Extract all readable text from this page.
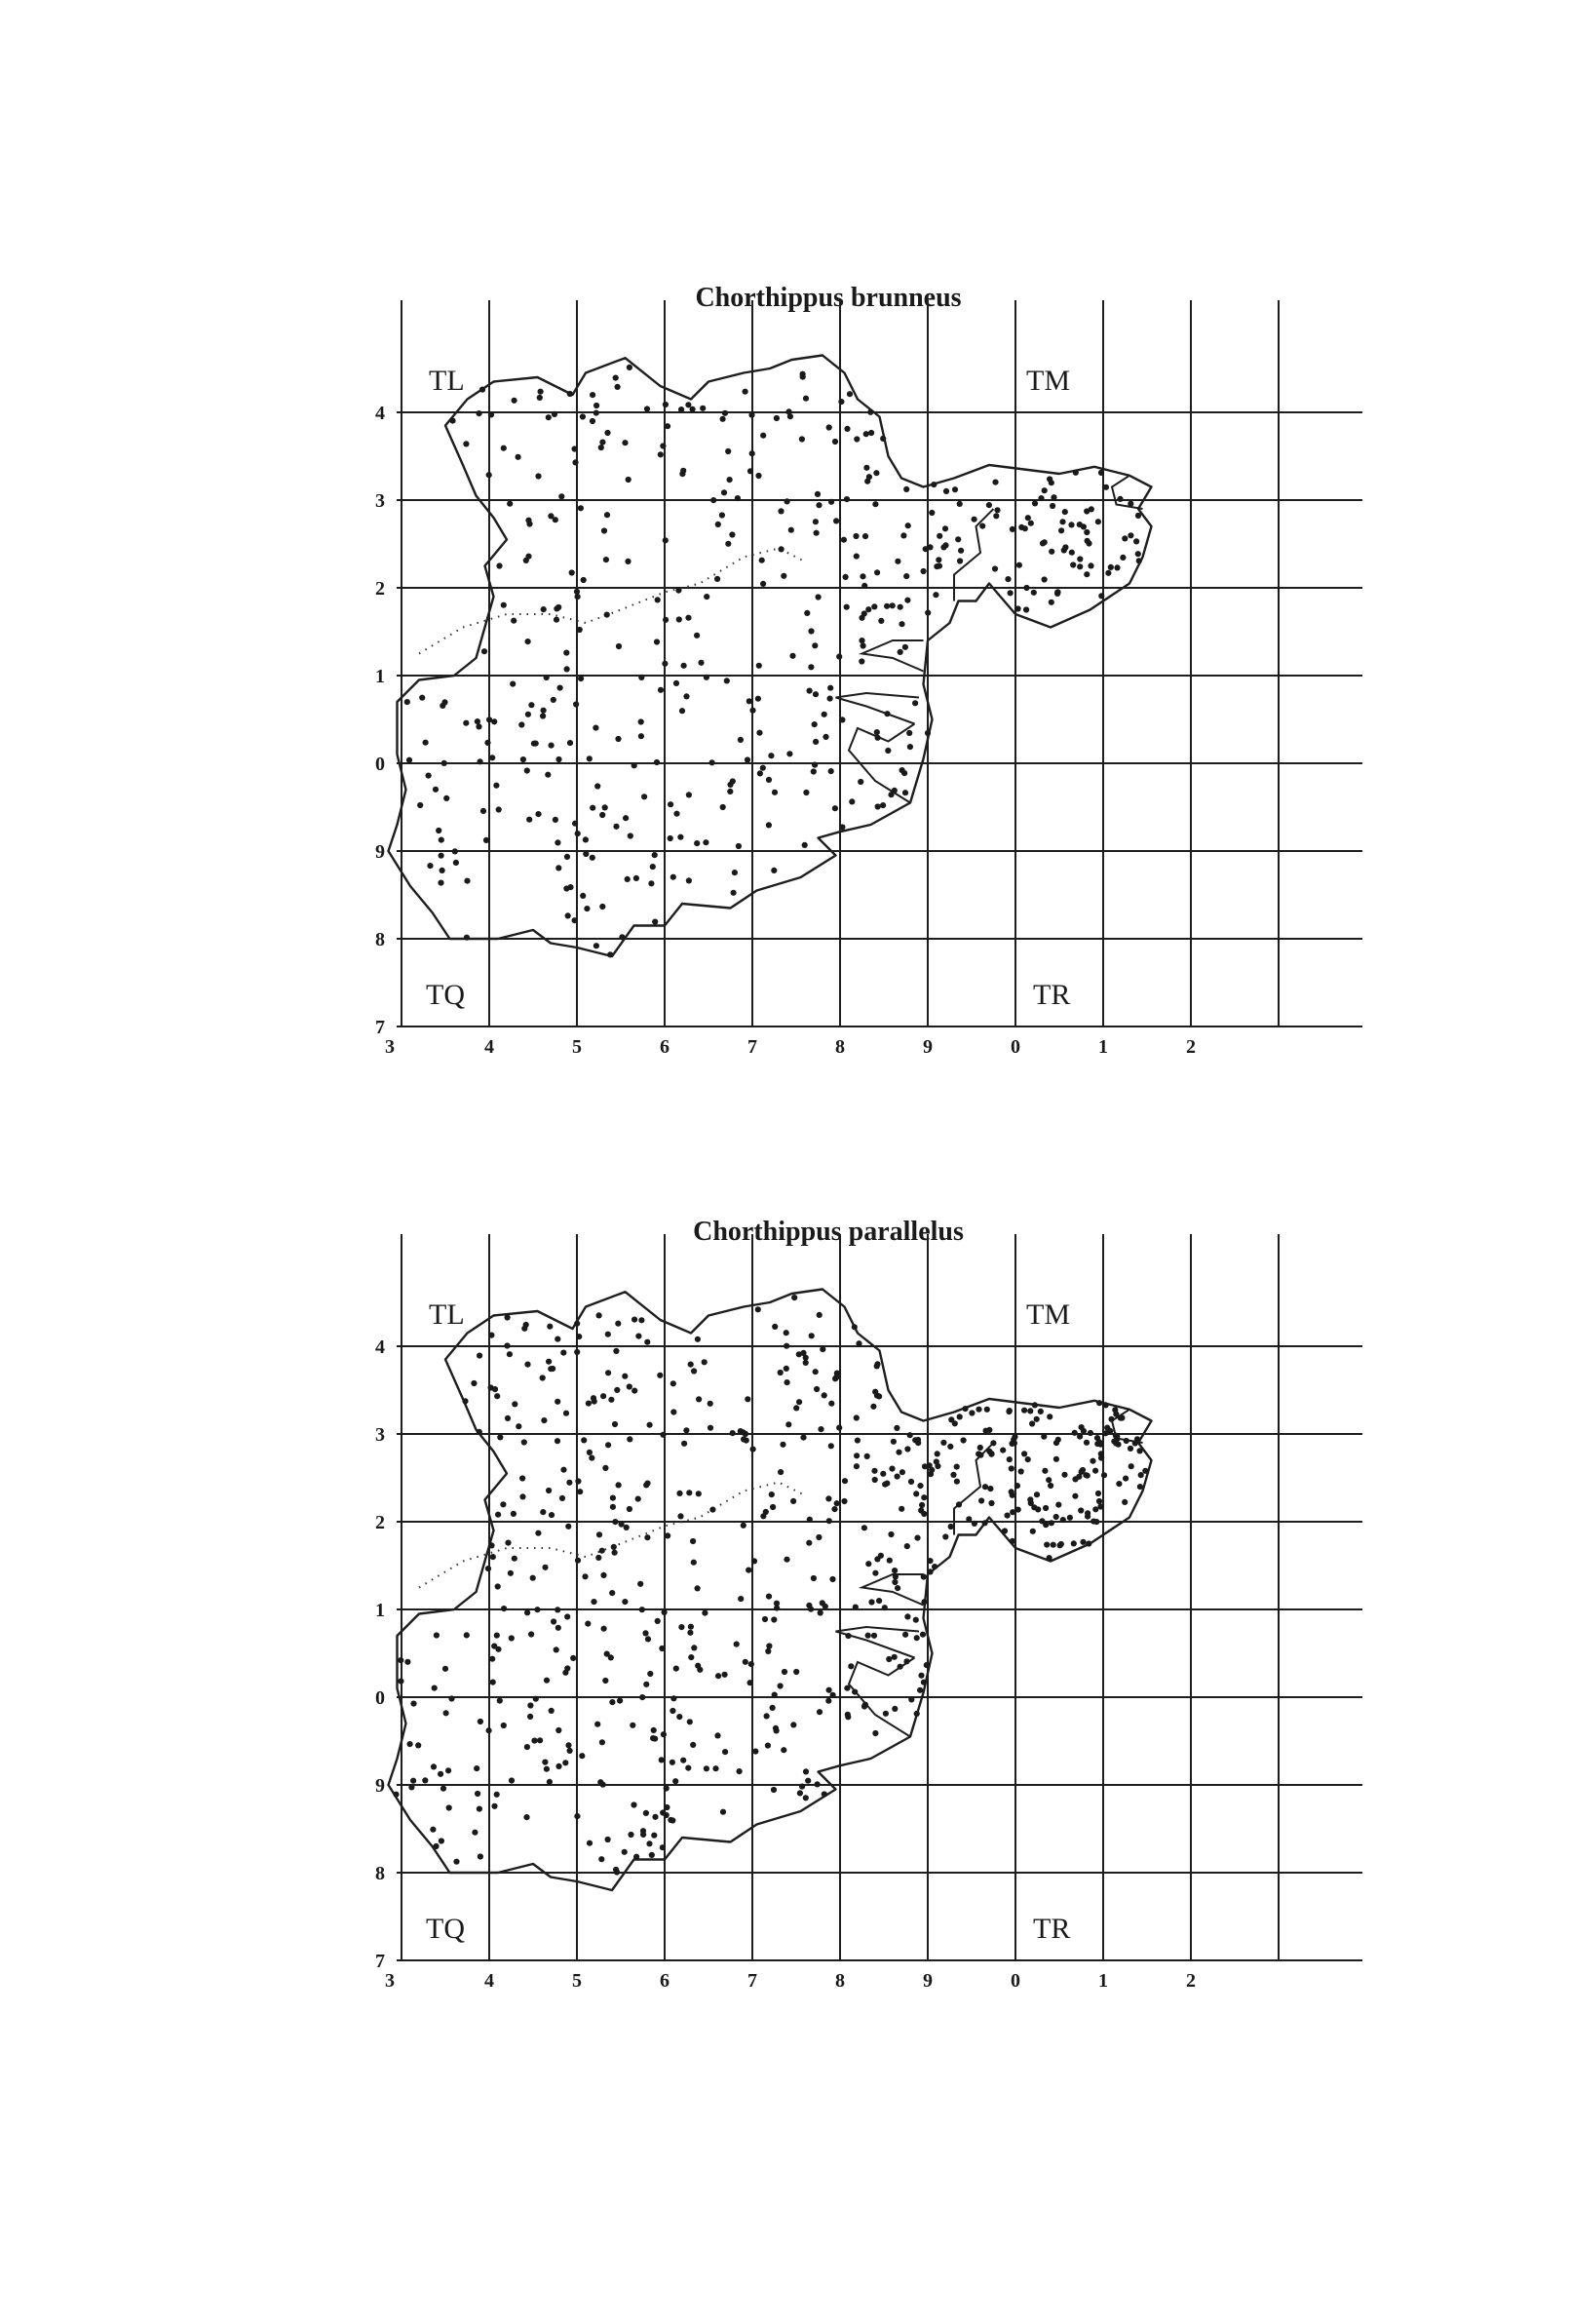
Chorthippus brunneus
TL	TM
TQ	TR
3	4	5	6	7	8	9	0	1	2
4
3
2
1
0
9
8
7
Chorthippus parallelus
TL	TM
TQ	TR
3	4	5	6	7	8	9	0	1	2
4
3
2
1
0
9
8
7
